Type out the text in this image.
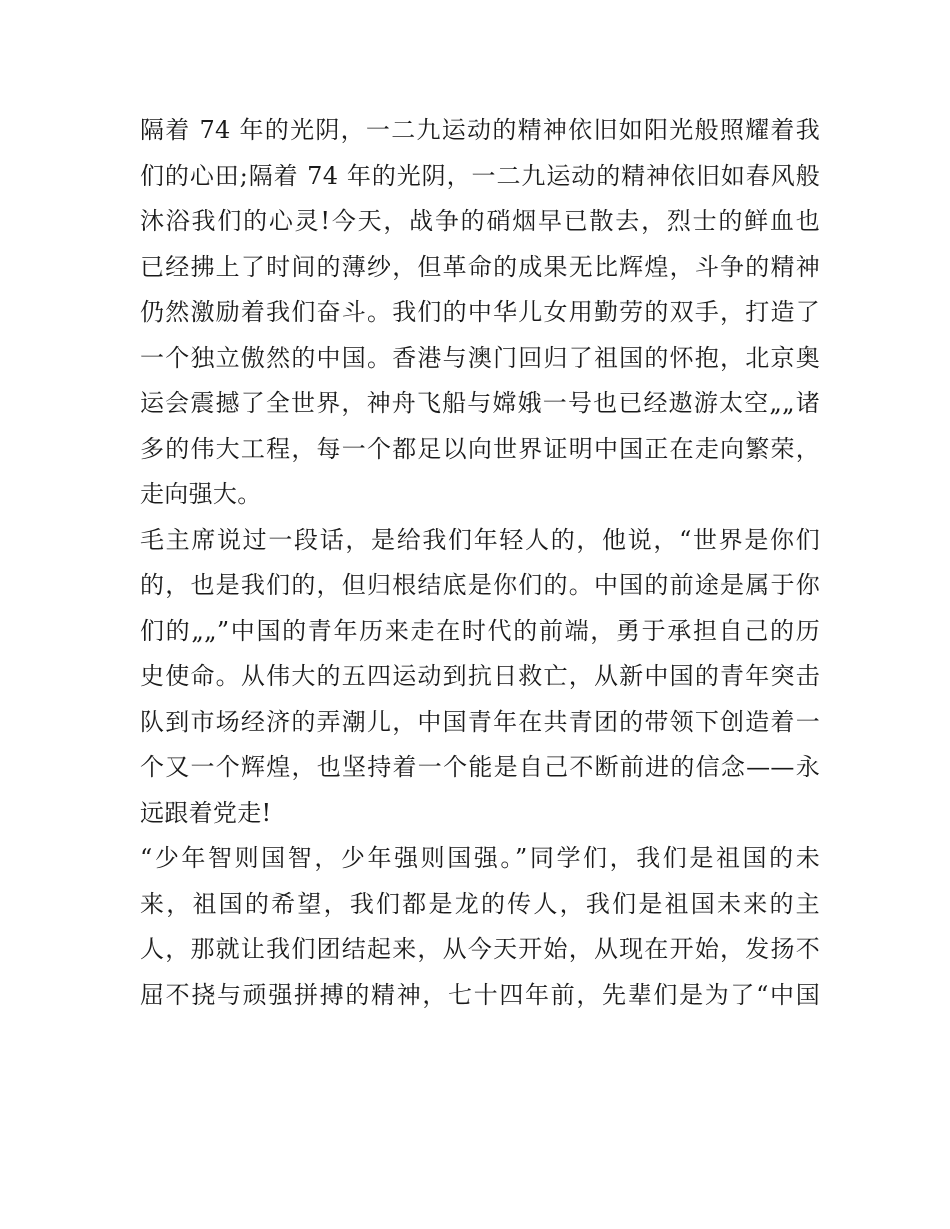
隔着 74 年的光阴，一二九运动的精神依旧如阳光般照耀着我
们的心田;隔着 74 年的光阴，一二九运动的精神依旧如春风般
沐浴我们的心灵!今天，战争的硝烟早已散去，烈士的鲜血也
已经拂上了时间的薄纱，但革命的成果无比辉煌，斗争的精神
仍然激励着我们奋斗。我们的中华儿女用勤劳的双手，打造了
一个独立傲然的中国。香港与澳门回归了祖国的怀抱，北京奥
运会震撼了全世界，神舟飞船与嫦娥一号也已经遨游太空„„诸
多的伟大工程，每一个都足以向世界证明中国正在走向繁荣，
走向强大。
毛主席说过一段话，是给我们年轻人的，他说，“世界是你们
的，也是我们的，但归根结底是你们的。中国的前途是属于你
们的„„”中国的青年历来走在时代的前端，勇于承担自己的历
史使命。从伟大的五四运动到抗日救亡，从新中国的青年突击
队到市场经济的弄潮儿，中国青年在共青团的带领下创造着一
个又一个辉煌，也坚持着一个能是自己不断前进的信念——永
远跟着党走!
“少年智则国智，少年强则国强。”同学们，我们是祖国的未
来，祖国的希望，我们都是龙的传人，我们是祖国未来的主
人，那就让我们团结起来，从今天开始，从现在开始，发扬不
屈不挠与顽强拼搏的精神，七十四年前，先辈们是为了“中国
